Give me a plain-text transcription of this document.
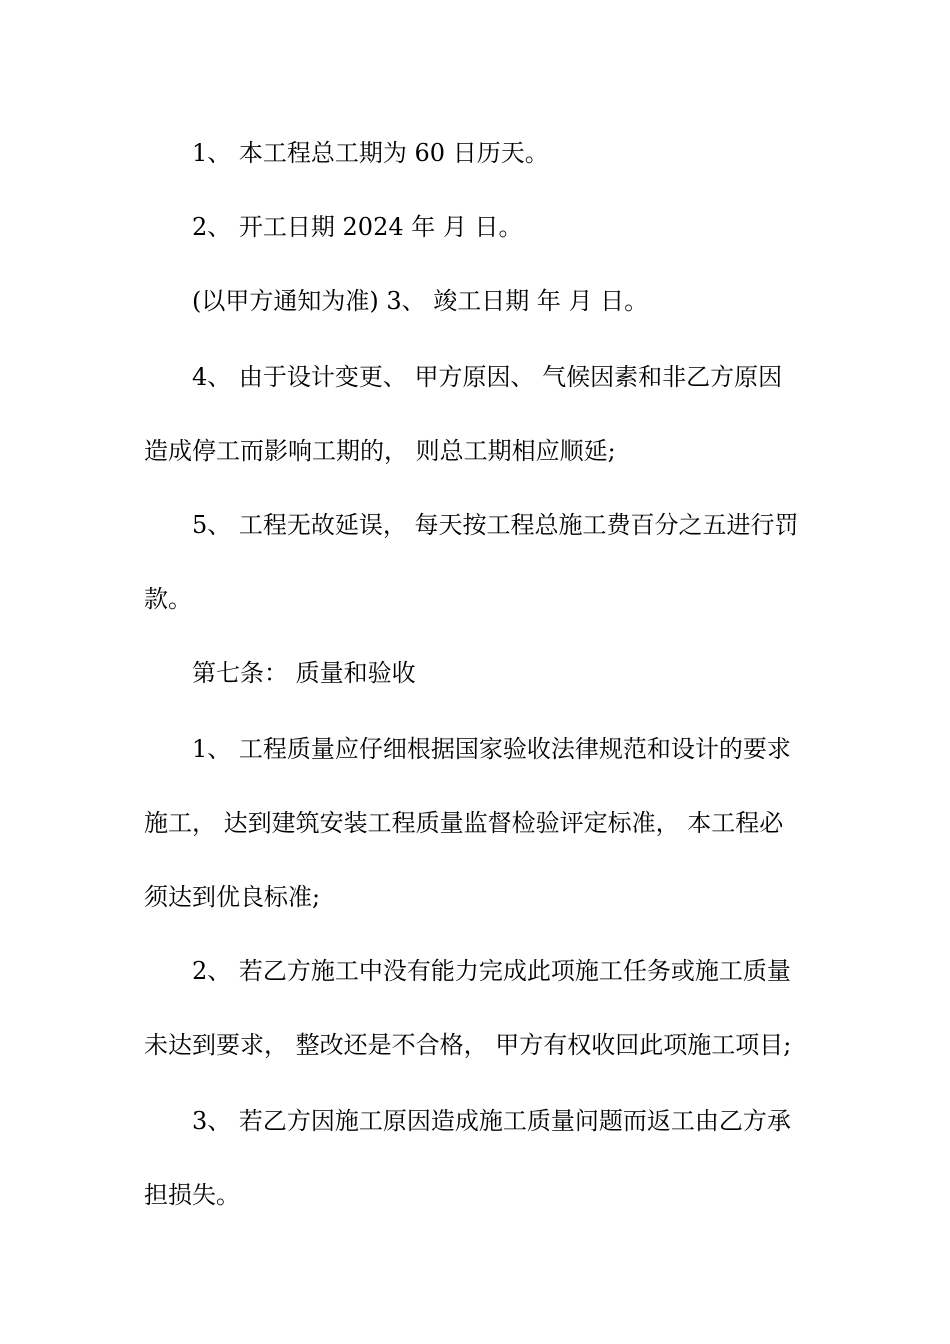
1、 本工程总工期为 60 日历天。
2、 开工日期 2024 年 月 日。
(以甲方通知为准) 3、 竣工日期 年 月 日。
4、 由于设计变更、 甲方原因、 气候因素和非乙方原因
造成停工而影响工期的， 则总工期相应顺延;
5、 工程无故延误， 每天按工程总施工费百分之五进行罚
款。
第七条： 质量和验收
1、 工程质量应仔细根据国家验收法律规范和设计的要求
施工， 达到建筑安装工程质量监督检验评定标准， 本工程必
须达到优良标准;
2、 若乙方施工中没有能力完成此项施工任务或施工质量
未达到要求， 整改还是不合格， 甲方有权收回此项施工项目;
3、 若乙方因施工原因造成施工质量问题而返工由乙方承
担损失。
